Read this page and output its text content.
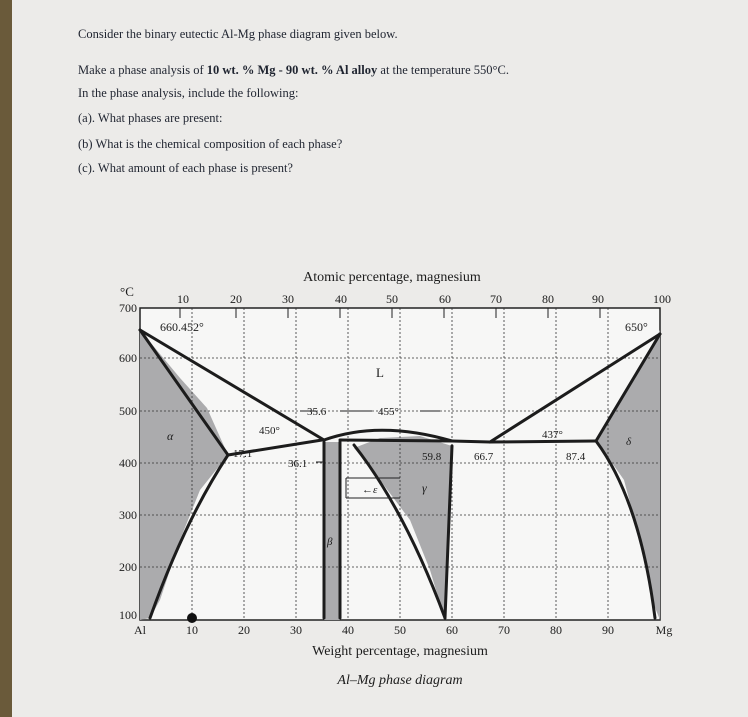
Consider the binary eutectic Al-Mg phase diagram given below.
Make a phase analysis of 10 wt. % Mg - 90 wt. % Al alloy at the temperature 550°C.
In the phase analysis, include the following:
(a). What phases are present:
(b) What is the chemical composition of each phase?
(c). What amount of each phase is present?
Atomic percentage, magnesium
Weight percentage, magnesium
Al–Mg phase diagram
°C
700
600
500
400
300
200
100
10	20	30	40	50	60	70	80	90	100
Al	10	20	30	40	50	60	70	80	90	Mg
660.452°	650°
L
α
β
γ
←ε
δ
450°
455°
437°
17.1
35.6
36.1
59.8	66.7	87.4
